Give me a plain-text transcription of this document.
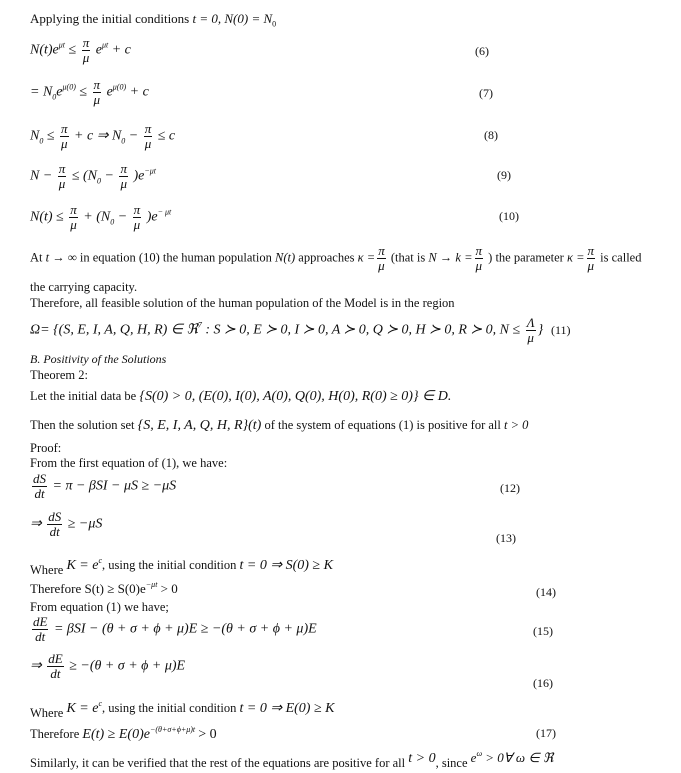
Applying the initial conditions t = 0, $N(0) = N_0$
$N(t)e^{\mu t} \le \frac{\pi}{\mu} e^{\mu t} + c$	(6)
= $N_0e^{\mu(0)} \le \frac{\pi}{\mu} e^{\mu(0)} + c$	(7)
$N_0 \le \frac{\pi}{\mu} + c$ ⇒ $N_0 - \frac{\pi}{\mu} \le c$	(8)
$N - \frac{\pi}{\mu} \le (N_0 - \frac{\pi}{\mu} )e^{-\mu t}$	(9)
$N(t) \le \frac{\pi}{\mu} + (N_0 - \frac{\pi}{\mu} )e^{- \mu t}$	(10)
At t → ∞ in equation (10) the human population N(t) approaches $\kappa = \frac{\pi}{\mu}$ (that is $N \to k = \frac{\pi}{\mu}$ ) the parameter $\kappa = \frac{\pi}{\mu}$ is called
the carrying capacity.
Therefore, all feasible solution of the human population of the Model is in the region
Ω= {(S, E, I, A, Q, H, R) ∈ ℜ$^7$ : S ≻ 0, E ≻ 0, I ≻ 0, A ≻ 0, Q ≻ 0, H ≻ 0, R ≻ 0, $N \le \frac{\Lambda}{\mu}$ } (11)
B. Positivity of the Solutions
Theorem 2:
Let the initial data be {S(0) > 0, (E(0), I(0), A(0), Q(0), H(0), R(0) ≥ 0)} ∈ D.
Then the solution set {S, E, I, A, Q, H, R}(t) of the system of equations (1) is positive for all t > 0
Proof:
From the first equation of (1), we have:
$\frac{dS}{dt} = \pi - \beta SI - \mu S \ge -\mu S$	(12)
⇒ $\frac{dS}{dt} \ge -\mu S$
(13)
Where $K = e^c$, using the initial condition t = 0 ⇒ S(0) ≥ K
Therefore $S(t) \ge S(0)e^{-\mu t} > 0$	(14)
From equation (1) we have;
$\frac{dE}{dt} = \beta SI - (\theta + \sigma + \phi + \mu)E \ge -(\theta + \sigma + \phi + \mu)E$	(15)
⇒ $\frac{dE}{dt} \ge -(\theta + \sigma + \phi + \mu)E$
(16)
Where $K = e^c$, using the initial condition t = 0 ⇒ E(0) ≥ K
Therefore $E(t) \ge E(0)e^{-(\theta+\sigma+\phi+\mu)t} > 0$	(17)
Similarly, it can be verified that the rest of the equations are positive for all t > 0, since $e^\omega$ > 0∀ ω ∈ ℜ
